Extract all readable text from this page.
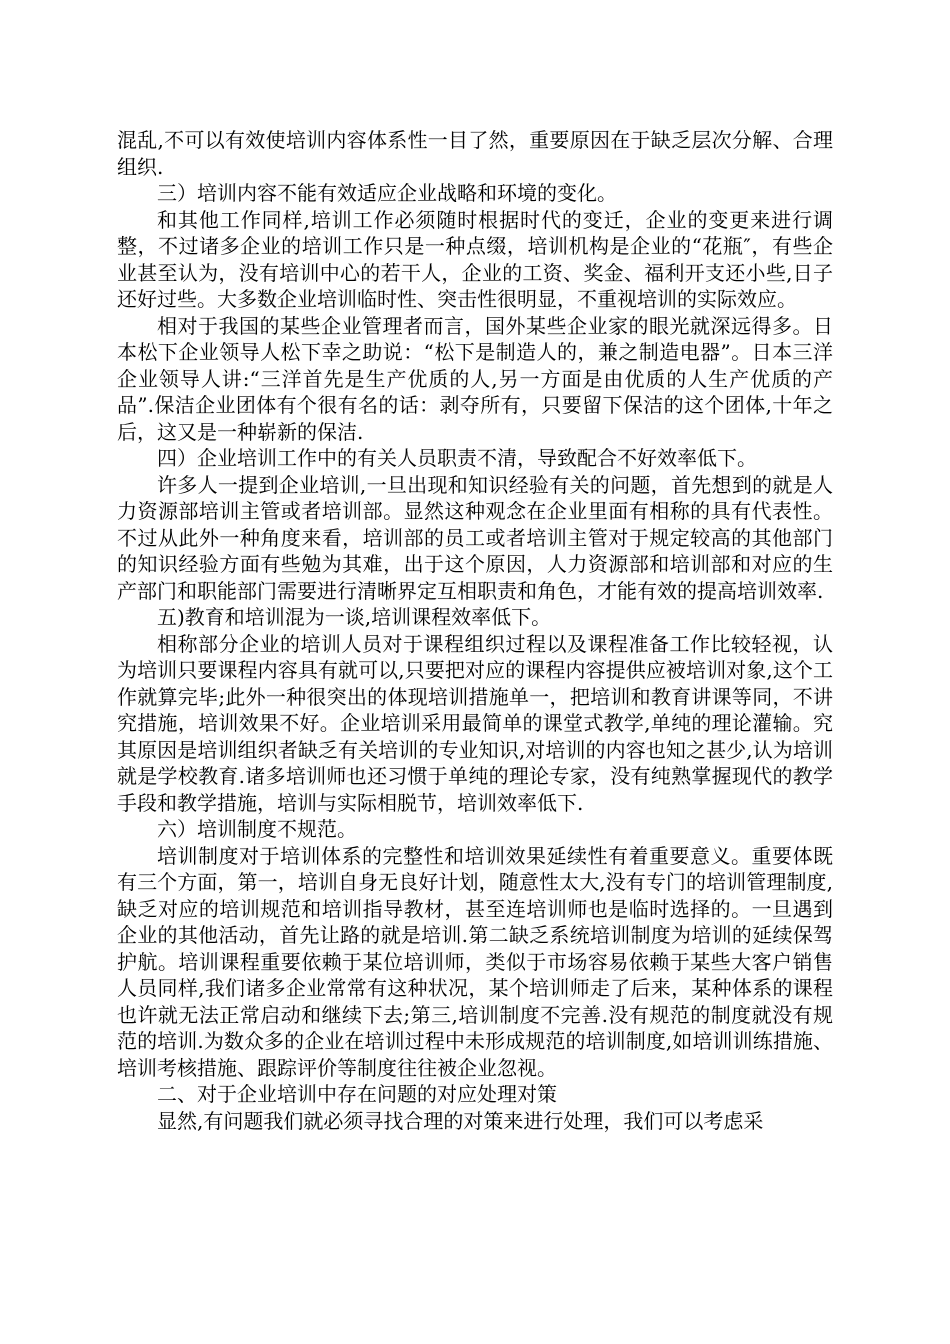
混乱,不可以有效使培训内容体系性一目了然，重要原因在于缺乏层次分解、合理组织.

三）培训内容不能有效适应企业战略和环境的变化。

和其他工作同样,培训工作必须随时根据时代的变迁，企业的变更来进行调整，不过诸多企业的培训工作只是一种点缀，培训机构是企业的“花瓶″，有些企业甚至认为，没有培训中心的若干人，企业的工资、奖金、福利开支还小些,日子还好过些。大多数企业培训临时性、突击性很明显，不重视培训的实际效应。

相对于我国的某些企业管理者而言，国外某些企业家的眼光就深远得多。日本松下企业领导人松下幸之助说：“松下是制造人的，兼之制造电器”。日本三洋企业领导人讲:“三洋首先是生产优质的人,另一方面是由优质的人生产优质的产品”.保洁企业团体有个很有名的话：剥夺所有，只要留下保洁的这个团体,十年之后，这又是一种崭新的保洁.

四）企业培训工作中的有关人员职责不清，导致配合不好效率低下。

许多人一提到企业培训,一旦出现和知识经验有关的问题，首先想到的就是人力资源部培训主管或者培训部。显然这种观念在企业里面有相称的具有代表性。不过从此外一种角度来看，培训部的员工或者培训主管对于规定较高的其他部门的知识经验方面有些勉为其难，出于这个原因，人力资源部和培训部和对应的生产部门和职能部门需要进行清晰界定互相职责和角色，才能有效的提高培训效率.

五)教育和培训混为一谈,培训课程效率低下。

相称部分企业的培训人员对于课程组织过程以及课程准备工作比较轻视，认为培训只要课程内容具有就可以,只要把对应的课程内容提供应被培训对象,这个工作就算完毕;此外一种很突出的体现培训措施单一，把培训和教育讲课等同，不讲究措施，培训效果不好。企业培训采用最简单的课堂式教学,单纯的理论灌输。究其原因是培训组织者缺乏有关培训的专业知识,对培训的内容也知之甚少,认为培训就是学校教育.诸多培训师也还习惯于单纯的理论专家，没有纯熟掌握现代的教学手段和教学措施，培训与实际相脱节，培训效率低下.

六）培训制度不规范。

培训制度对于培训体系的完整性和培训效果延续性有着重要意义。重要体既有三个方面，第一，培训自身无良好计划，随意性太大,没有专门的培训管理制度,缺乏对应的培训规范和培训指导教材，甚至连培训师也是临时选择的。一旦遇到企业的其他活动，首先让路的就是培训.第二缺乏系统培训制度为培训的延续保驾护航。培训课程重要依赖于某位培训师，类似于市场容易依赖于某些大客户销售人员同样,我们诸多企业常常有这种状况，某个培训师走了后来，某种体系的课程也许就无法正常启动和继续下去;第三,培训制度不完善.没有规范的制度就没有规范的培训.为数众多的企业在培训过程中未形成规范的培训制度,如培训训练措施、培训考核措施、跟踪评价等制度往往被企业忽视。

二、对于企业培训中存在问题的对应处理对策

显然,有问题我们就必须寻找合理的对策来进行处理，我们可以考虑采
